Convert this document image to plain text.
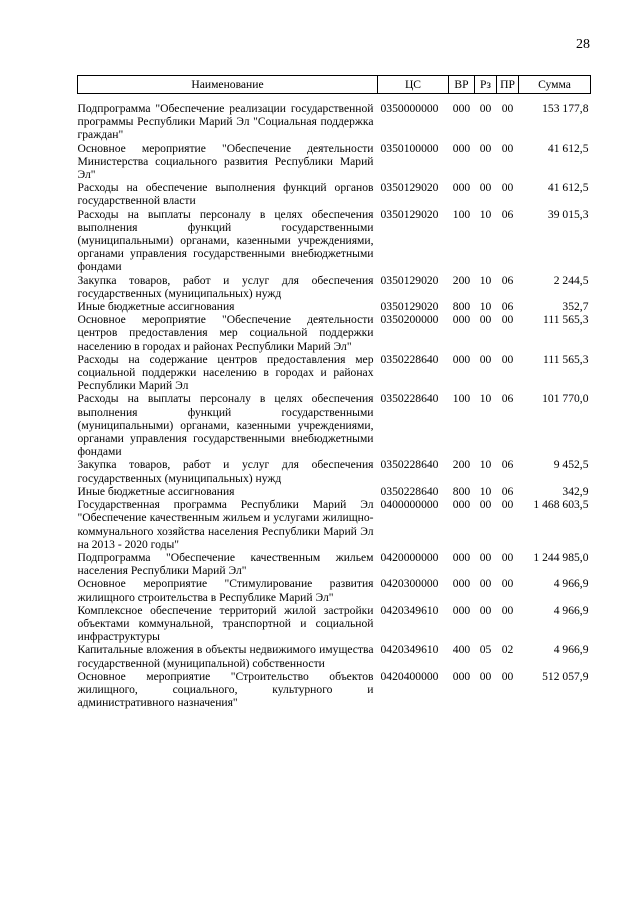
28
Наименование	ЦС	ВР	Рз	ПР	Сумма
Подпрограмма "Обеспечение реализации государственной программы Республики Марий Эл "Социальная поддержка граждан"	0350000000	000	00	00	153 177,8
Основное мероприятие "Обеспечение деятельности Министерства социального развития Республики Марий Эл"	0350100000	000	00	00	41 612,5
Расходы на обеспечение выполнения функций органов государственной власти	0350129020	000	00	00	41 612,5
Расходы на выплаты персоналу в целях обеспечения выполнения функций государственными (муниципальными) органами, казенными учреждениями, органами управления государственными внебюджетными фондами	0350129020	100	10	06	39 015,3
Закупка товаров, работ и услуг для обеспечения государственных (муниципальных) нужд	0350129020	200	10	06	2 244,5
Иные бюджетные ассигнования	0350129020	800	10	06	352,7
Основное мероприятие "Обеспечение деятельности центров предоставления мер социальной поддержки населению в городах и районах Республики Марий Эл"	0350200000	000	00	00	111 565,3
Расходы на содержание центров предоставления мер социальной поддержки населению в городах и районах Республики Марий Эл	0350228640	000	00	00	111 565,3
Расходы на выплаты персоналу в целях обеспечения выполнения функций государственными (муниципальными) органами, казенными учреждениями, органами управления государственными внебюджетными фондами	0350228640	100	10	06	101 770,0
Закупка товаров, работ и услуг для обеспечения государственных (муниципальных) нужд	0350228640	200	10	06	9 452,5
Иные бюджетные ассигнования	0350228640	800	10	06	342,9
Государственная программа Республики Марий Эл "Обеспечение качественным жильем и услугами жилищно-коммунального хозяйства населения Республики Марий Эл на 2013 - 2020 годы"	0400000000	000	00	00	1 468 603,5
Подпрограмма "Обеспечение качественным жильем населения Республики Марий Эл"	0420000000	000	00	00	1 244 985,0
Основное мероприятие "Стимулирование развития жилищного строительства в Республике Марий Эл"	0420300000	000	00	00	4 966,9
Комплексное обеспечение территорий жилой застройки объектами коммунальной, транспортной и социальной инфраструктуры	0420349610	000	00	00	4 966,9
Капитальные вложения в объекты недвижимого имущества государственной (муниципальной) собственности	0420349610	400	05	02	4 966,9
Основное мероприятие "Строительство объектов жилищного, социального, культурного и административного назначения"	0420400000	000	00	00	512 057,9
